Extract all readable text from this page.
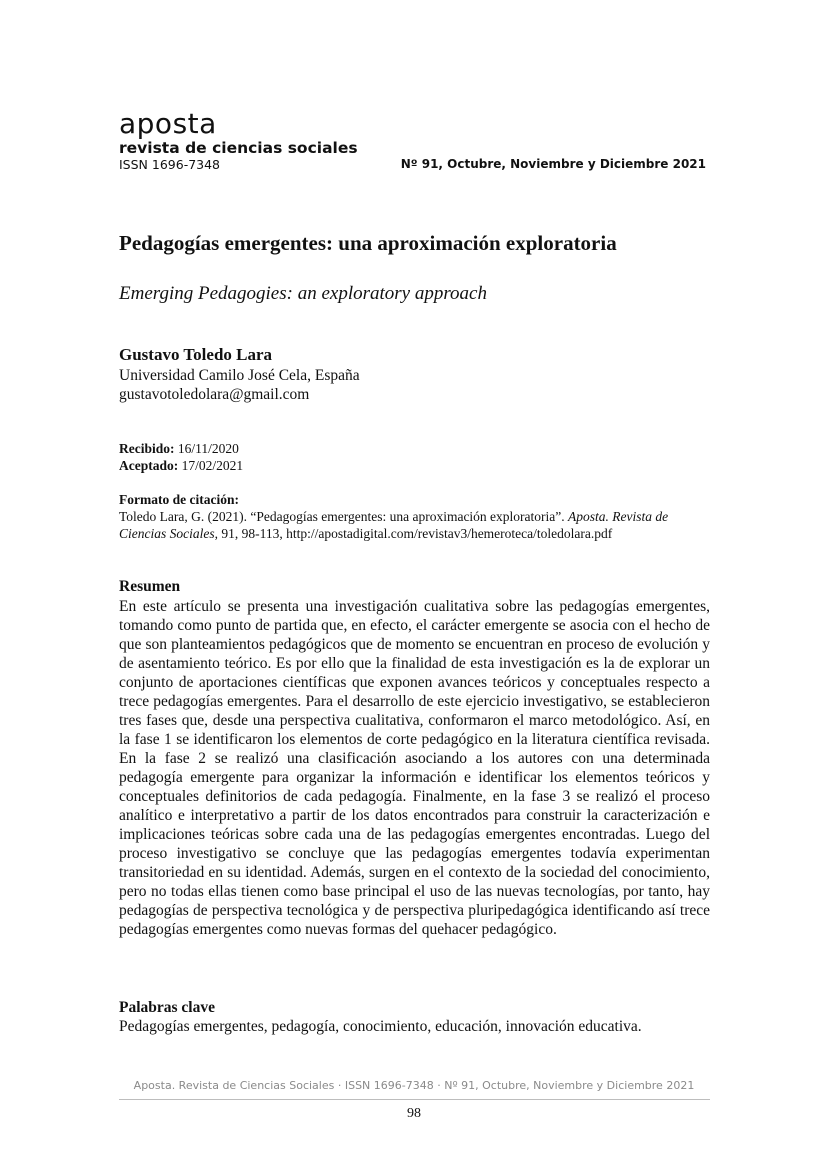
aposta
revista de ciencias sociales
ISSN 1696-7348	Nº 91, Octubre, Noviembre y Diciembre 2021
Pedagogías emergentes: una aproximación exploratoria
Emerging Pedagogies: an exploratory approach
Gustavo Toledo Lara
Universidad Camilo José Cela, España
gustavotoledolara@gmail.com
Recibido: 16/11/2020
Aceptado: 17/02/2021
Formato de citación:
Toledo Lara, G. (2021). “Pedagogías emergentes: una aproximación exploratoria”. Aposta. Revista de Ciencias Sociales, 91, 98-113, http://apostadigital.com/revistav3/hemeroteca/toledolara.pdf
Resumen
En este artículo se presenta una investigación cualitativa sobre las pedagogías emergentes, tomando como punto de partida que, en efecto, el carácter emergente se asocia con el hecho de que son planteamientos pedagógicos que de momento se encuentran en proceso de evolución y de asentamiento teórico. Es por ello que la finalidad de esta investigación es la de explorar un conjunto de aportaciones científicas que exponen avances teóricos y conceptuales respecto a trece pedagogías emergentes. Para el desarrollo de este ejercicio investigativo, se establecieron tres fases que, desde una perspectiva cualitativa, conformaron el marco metodológico. Así, en la fase 1 se identificaron los elementos de corte pedagógico en la literatura científica revisada. En la fase 2 se realizó una clasificación asociando a los autores con una determinada pedagogía emergente para organizar la información e identificar los elementos teóricos y conceptuales definitorios de cada pedagogía. Finalmente, en la fase 3 se realizó el proceso analítico e interpretativo a partir de los datos encontrados para construir la caracterización e implicaciones teóricas sobre cada una de las pedagogías emergentes encontradas. Luego del proceso investigativo se concluye que las pedagogías emergentes todavía experimentan transitoriedad en su identidad. Además, surgen en el contexto de la sociedad del conocimiento, pero no todas ellas tienen como base principal el uso de las nuevas tecnologías, por tanto, hay pedagogías de perspectiva tecnológica y de perspectiva pluripedagógica identificando así trece pedagogías emergentes como nuevas formas del quehacer pedagógico.
Palabras clave
Pedagogías emergentes, pedagogía, conocimiento, educación, innovación educativa.
Aposta. Revista de Ciencias Sociales · ISSN 1696-7348 · Nº 91, Octubre, Noviembre y Diciembre 2021
98
